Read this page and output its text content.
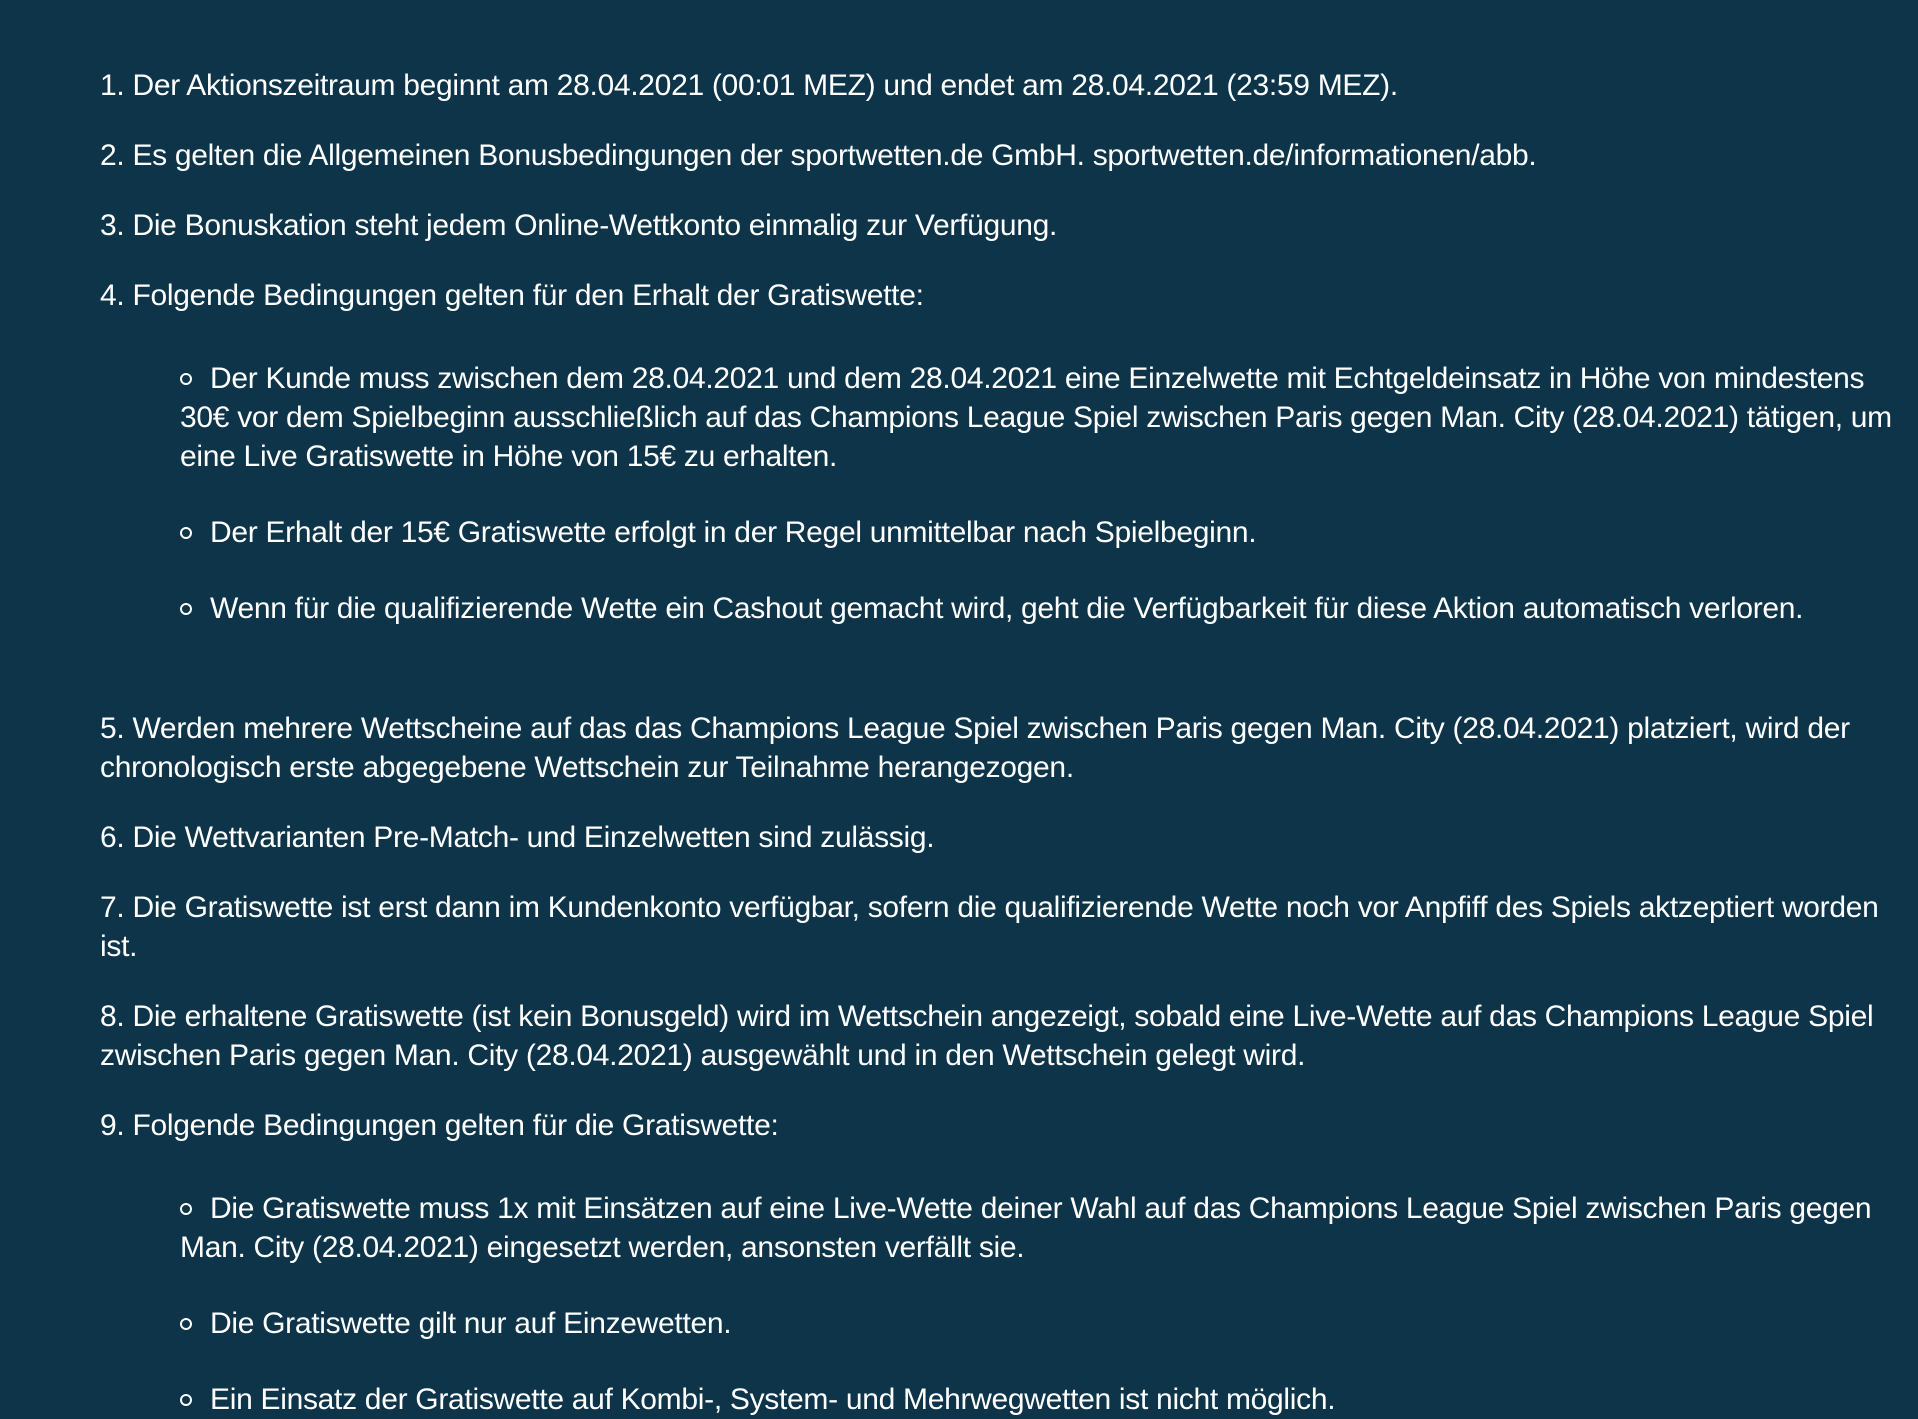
1. Der Aktionszeitraum beginnt am 28.04.2021 (00:01 MEZ) und endet am 28.04.2021 (23:59 MEZ).

2. Es gelten die Allgemeinen Bonusbedingungen der sportwetten.de GmbH. sportwetten.de/informationen/abb.

3. Die Bonuskation steht jedem Online-Wettkonto einmalig zur Verfügung.

4. Folgende Bedingungen gelten für den Erhalt der Gratiswette:

Der Kunde muss zwischen dem 28.04.2021 und dem 28.04.2021 eine Einzelwette mit Echtgeldeinsatz in Höhe von mindestens 30€ vor dem Spielbeginn ausschließlich auf das Champions League Spiel zwischen Paris gegen Man. City (28.04.2021) tätigen, um eine Live Gratiswette in Höhe von 15€ zu erhalten.
Der Erhalt der 15€ Gratiswette erfolgt in der Regel unmittelbar nach Spielbeginn.
Wenn für die qualifizierende Wette ein Cashout gemacht wird, geht die Verfügbarkeit für diese Aktion automatisch verloren.

5. Werden mehrere Wettscheine auf das das Champions League Spiel zwischen Paris gegen Man. City (28.04.2021) platziert, wird der chronologisch erste abgegebene Wettschein zur Teilnahme herangezogen.

6. Die Wettvarianten Pre-Match- und Einzelwetten sind zulässig.

7. Die Gratiswette ist erst dann im Kundenkonto verfügbar, sofern die qualifizierende Wette noch vor Anpfiff des Spiels aktzeptiert worden ist.

8. Die erhaltene Gratiswette (ist kein Bonusgeld) wird im Wettschein angezeigt, sobald eine Live-Wette auf das Champions League Spiel zwischen Paris gegen Man. City (28.04.2021) ausgewählt und in den Wettschein gelegt wird.

9. Folgende Bedingungen gelten für die Gratiswette:

Die Gratiswette muss 1x mit Einsätzen auf eine Live-Wette deiner Wahl auf das Champions League Spiel zwischen Paris gegen Man. City (28.04.2021) eingesetzt werden, ansonsten verfällt sie.
Die Gratiswette gilt nur auf Einzewetten.
Ein Einsatz der Gratiswette auf Kombi-, System- und Mehrwegwetten ist nicht möglich.
